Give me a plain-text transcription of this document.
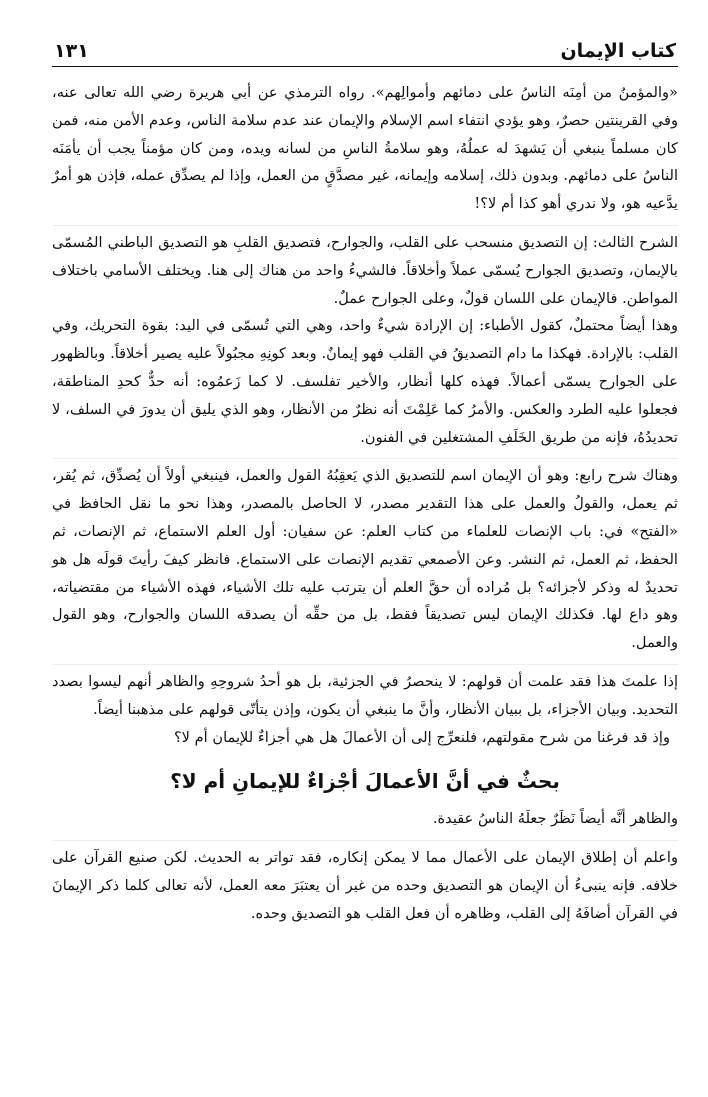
كتاب الإيمان
١٣١

«والمؤمنُ من أمِنَه الناسُ على دمائهم وأموالِهم». رواه الترمذي عن أبي هريرة رضي الله تعالى عنه، وفي القرينتين حصرٌ، وهو يؤدي انتفاء اسم الإسلام والإيمان عند عدم سلامة الناس، وعدم الأمن منه، فمن كان مسلماً ينبغي أن يَشهدَ له عملُهُ، وهو سلامةُ الناسِ من لسانه ويده، ومن كان مؤمناً يجب أن يأمَنَه الناسُ على دمائهم. وبدون ذلك، إسلامه وإيمانه، غير مصدَّقٍ من العمل، وإذا لم يصدِّق عمله، فإذن هو أمرٌ يدَّعيه هو، ولا ندري أهو كذا أم لا؟!

الشرح الثالث: إن التصديق منسحب على القلب، والجوارح، فتصديق القلبِ هو التصديق الباطني المُسمّى بالإيمان، وتصديق الجوارح يُسمّى عملاً وأخلاقاً. فالشيءُ واحد من هناك إلى هنا. ويختلف الأسامي باختلاف المواطن. فالإيمان على اللسان قولٌ، وعلى الجوارح عملٌ.

وهذا أيضاً محتملٌ، كقول الأطباء: إن الإرادة شيءٌ واحد، وهي التي تُسمّى في اليد: بقوة التحريك، وفي القلب: بالإرادة. فهكذا ما دام التصديقُ في القلب فهو إيمانٌ. وبعد كونِهِ مجبُولاً عليه يصير أخلاقاً. وبالظهور على الجوارح يسمّى أعمالاً. فهذه كلها أنظار، والأخير تفلسف. لا كما زَعمُوه: أنه حدٌّ كحدِ المناطقة، فجعلوا عليه الطرد والعكس. والأمرُ كما عَلِمْتَ أنه نظرٌ من الأنظار، وهو الذي يليق أن يدورَ في السلف، لا تحديدُهُ، فإنه من طريق الخَلَفِ المشتغلين في الفنون.

وهناك شرح رابع: وهو أن الإيمان اسم للتصديق الذي يَعقِبُهُ القول والعمل، فينبغي أولاً أن يُصدِّق، ثم يُقر، ثم يعمل، والقولُ والعمل على هذا التقدير مصدر، لا الحاصل بالمصدر، وهذا نحو ما نقل الحافظ في «الفتح» في: باب الإنصات للعلماء من كتاب العلم: عن سفيان: أول العلم الاستماع، ثم الإنصات، ثم الحفظ، ثم العمل، ثم النشر. وعن الأصمعي تقديم الإنصات على الاستماع. فانظر كيفَ رأيتَ قولَه هل هو تحديدٌ له وذكر لأجزائه؟ بل مُراده أن حقَّ العلم أن يترتب عليه تلك الأشياء، فهذه الأشياء من مقتضياته، وهو داع لها. فكذلك الإيمان ليس تصديقاً فقط، بل من حقِّه أن يصدقه اللسان والجوارح، وهو القول والعمل.

إذا علمتَ هذا فقد علمت أن قولهم: لا ينحصرُ في الجزئية، بل هو أحدُ شروحِهِ والظاهر أنهم ليسوا بصدد التحديد. وبيان الأجزاء، بل ببيان الأنظار، وأنَّ ما ينبغي أن يكون، وإذن يتأتّى قولهم على مذهبنا أيضاً.

وإذ قد فرغنا من شرح مقولتهم، فلنعرِّج إلى أن الأعمالَ هل هي أجزاءٌ للإيمان أم لا؟

بحثٌ في أنَّ الأعمالَ أجْزاءٌ للإيمانِ أم لا؟

والظاهر أنَّه أيضاً نَظَرٌ جعلَهُ الناسُ عقيدة.

واعلم أن إطلاق الإيمان على الأعمال مما لا يمكن إنكاره، فقد تواتر به الحديث. لكن صنيع القرآن على خلافه. فإنه ينبىءُ أن الإيمان هو التصديق وحده من غير أن يعتبَرَ معه العمل، لأنه تعالى كلما ذكر الإيمانَ في القرآن أضافَهُ إلى القلب، وظاهره أن فعل القلب هو التصديق وحده.
